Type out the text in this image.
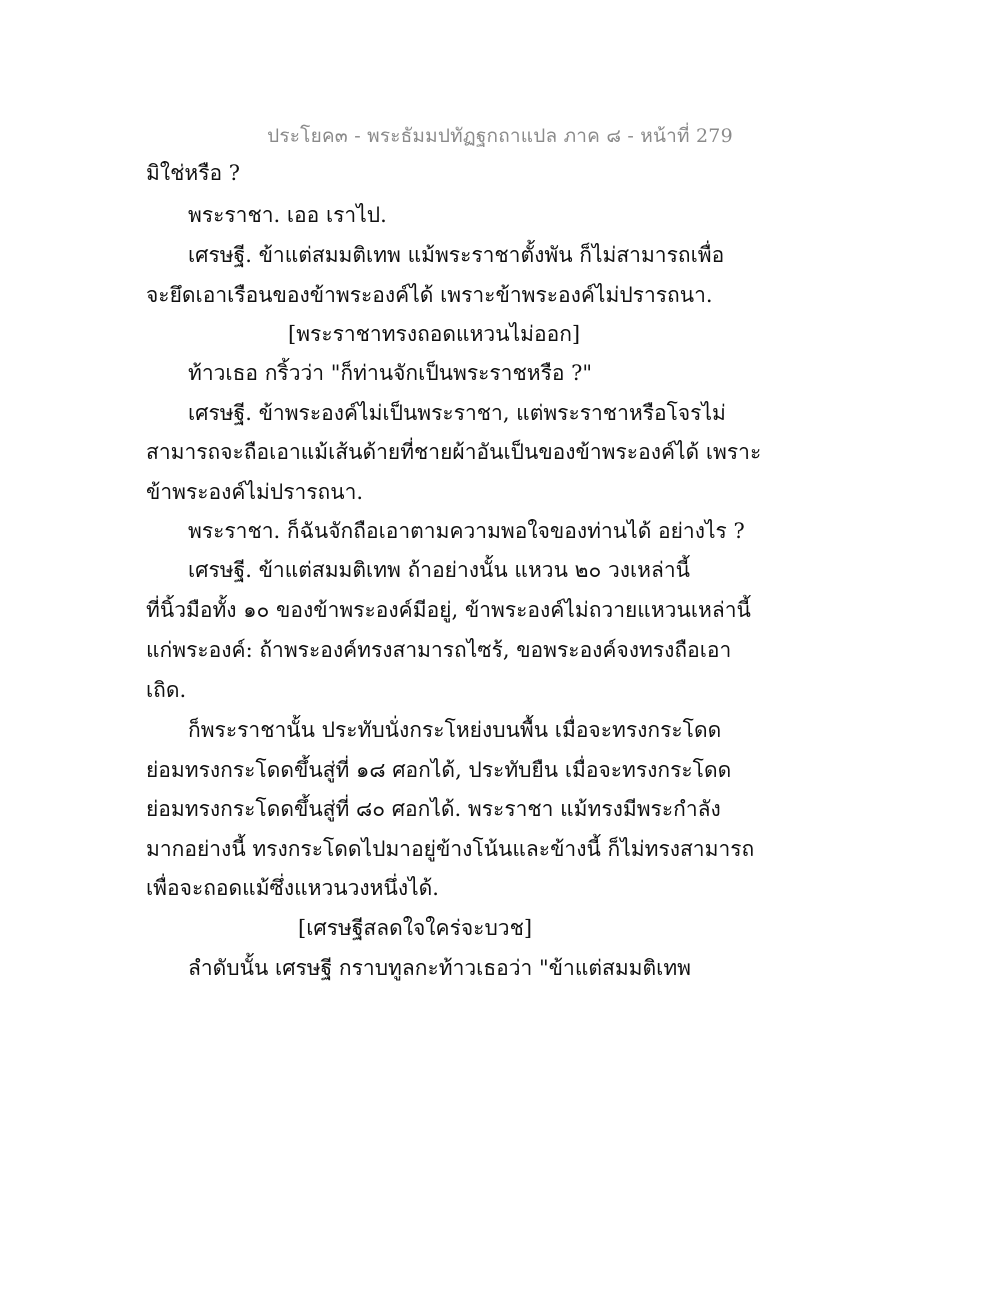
ประโยค๓ - พระธัมมปทัฏฐกถาแปล ภาค ๘ - หน้าที่ 279
มิใช่หรือ ?
พระราชา. เออ เราไป.
เศรษฐี. ข้าแต่สมมติเทพ แม้พระราชาตั้งพัน ก็ไม่สามารถเพื่อ
จะยึดเอาเรือนของข้าพระองค์ได้ เพราะข้าพระองค์ไม่ปรารถนา.
[พระราชาทรงถอดแหวนไม่ออก]
ท้าวเธอ กริ้วว่า "ก็ท่านจักเป็นพระราชหรือ ?"
เศรษฐี. ข้าพระองค์ไม่เป็นพระราชา, แต่พระราชาหรือโจรไม่
สามารถจะถือเอาแม้เส้นด้ายที่ชายผ้าอันเป็นของข้าพระองค์ได้ เพราะ
ข้าพระองค์ไม่ปรารถนา.
พระราชา. ก็ฉันจักถือเอาตามความพอใจของท่านได้ อย่างไร ?
เศรษฐี. ข้าแต่สมมติเทพ ถ้าอย่างนั้น แหวน ๒๐ วงเหล่านี้
ที่นิ้วมือทั้ง ๑๐ ของข้าพระองค์มีอยู่, ข้าพระองค์ไม่ถวายแหวนเหล่านี้
แก่พระองค์: ถ้าพระองค์ทรงสามารถไซร้, ขอพระองค์จงทรงถือเอา
เถิด.
ก็พระราชานั้น ประทับนั่งกระโหย่งบนพื้น เมื่อจะทรงกระโดด
ย่อมทรงกระโดดขึ้นสู่ที่ ๑๘ ศอกได้, ประทับยืน เมื่อจะทรงกระโดด
ย่อมทรงกระโดดขึ้นสู่ที่ ๘๐ ศอกได้. พระราชา แม้ทรงมีพระกำลัง
มากอย่างนี้ ทรงกระโดดไปมาอยู่ข้างโน้นและข้างนี้ ก็ไม่ทรงสามารถ
เพื่อจะถอดแม้ซึ่งแหวนวงหนึ่งได้.
[เศรษฐีสลดใจใคร่จะบวช]
ลำดับนั้น เศรษฐี กราบทูลกะท้าวเธอว่า "ข้าแต่สมมติเทพ
